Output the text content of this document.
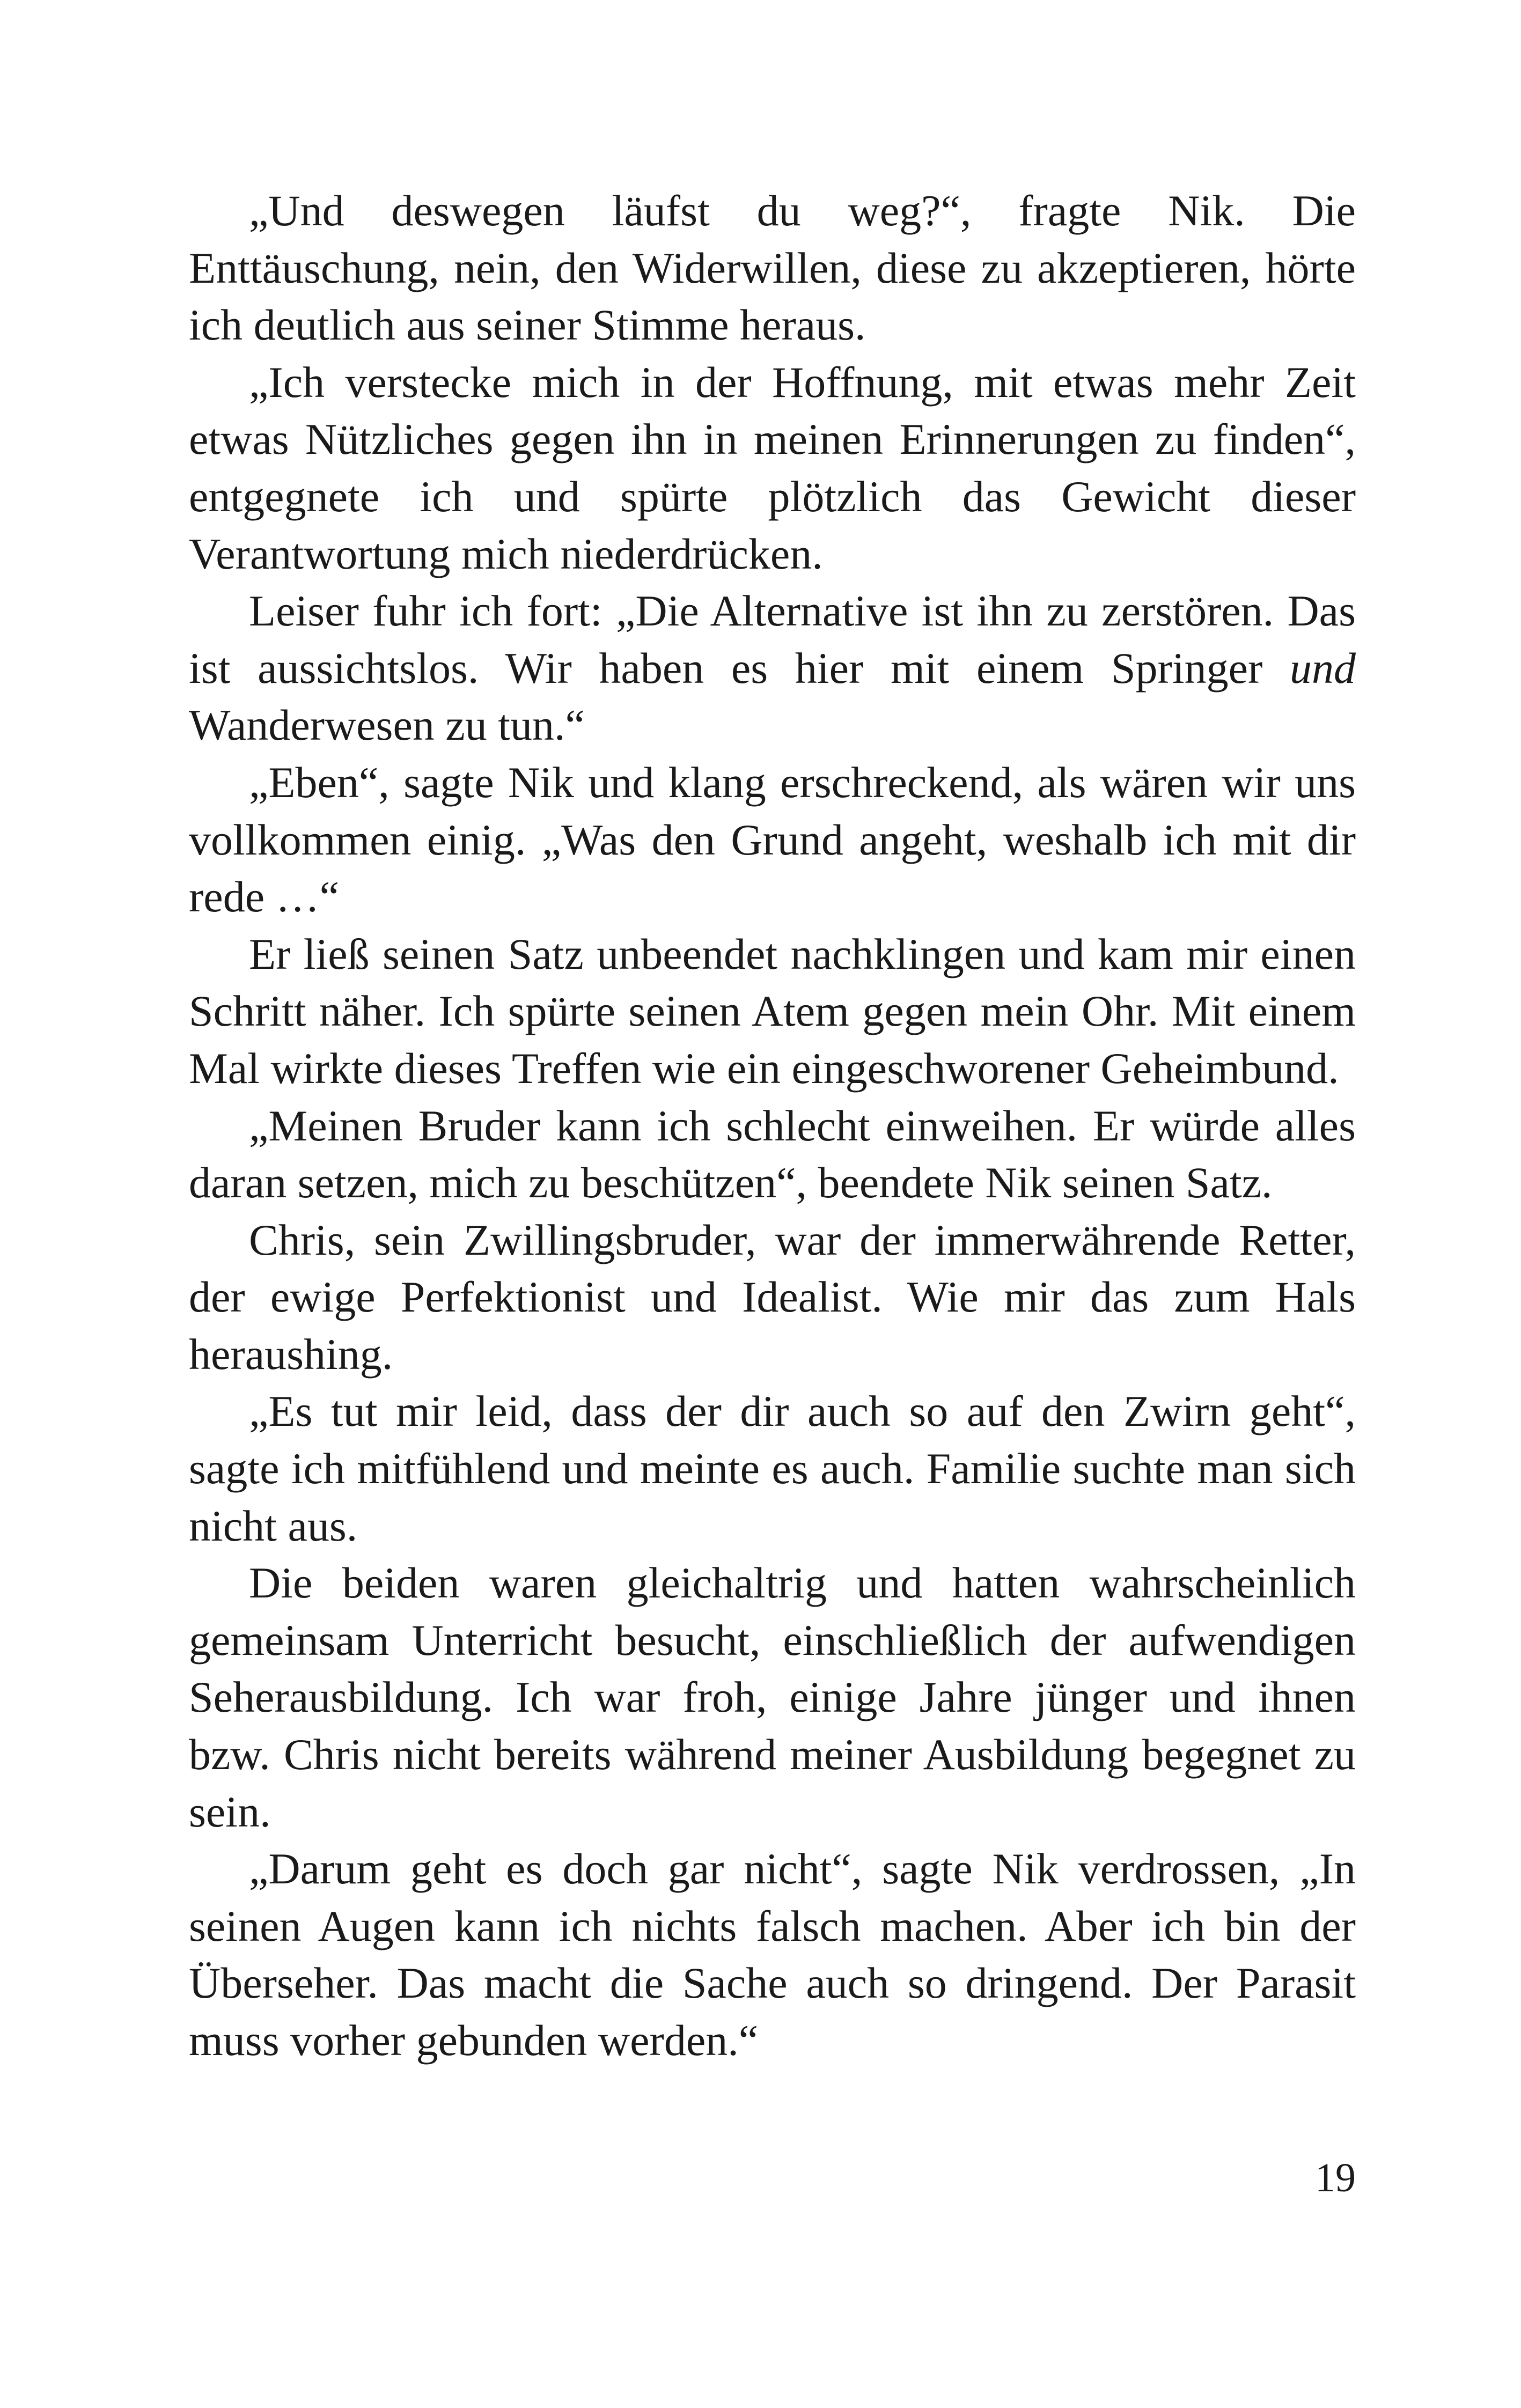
„Und deswegen läufst du weg?“, fragte Nik. Die Enttäuschung, nein, den Widerwillen, diese zu akzeptieren, hörte ich deutlich aus seiner Stimme heraus.

„Ich verstecke mich in der Hoffnung, mit etwas mehr Zeit etwas Nützliches gegen ihn in meinen Erinnerungen zu finden“, entgegnete ich und spürte plötzlich das Gewicht dieser Verantwortung mich niederdrücken.

Leiser fuhr ich fort: „Die Alternative ist ihn zu zerstören. Das ist aussichtslos. Wir haben es hier mit einem Springer und Wanderwesen zu tun.“

„Eben“, sagte Nik und klang erschreckend, als wären wir uns vollkommen einig. „Was den Grund angeht, weshalb ich mit dir rede …“

Er ließ seinen Satz unbeendet nachklingen und kam mir einen Schritt näher. Ich spürte seinen Atem gegen mein Ohr. Mit einem Mal wirkte dieses Treffen wie ein eingeschworener Geheimbund.

„Meinen Bruder kann ich schlecht einweihen. Er würde alles daran setzen, mich zu beschützen“, beendete Nik seinen Satz.

Chris, sein Zwillingsbruder, war der immerwährende Retter, der ewige Perfektionist und Idealist. Wie mir das zum Hals heraushing.

„Es tut mir leid, dass der dir auch so auf den Zwirn geht“, sagte ich mitfühlend und meinte es auch. Familie suchte man sich nicht aus.

Die beiden waren gleichaltrig und hatten wahrscheinlich gemeinsam Unterricht besucht, einschließlich der aufwendigen Seherausbildung. Ich war froh, einige Jahre jünger und ihnen bzw. Chris nicht bereits während meiner Ausbildung begegnet zu sein.

„Darum geht es doch gar nicht“, sagte Nik verdrossen, „In seinen Augen kann ich nichts falsch machen. Aber ich bin der Überseher. Das macht die Sache auch so dringend. Der Parasit muss vorher gebunden werden.“

19
